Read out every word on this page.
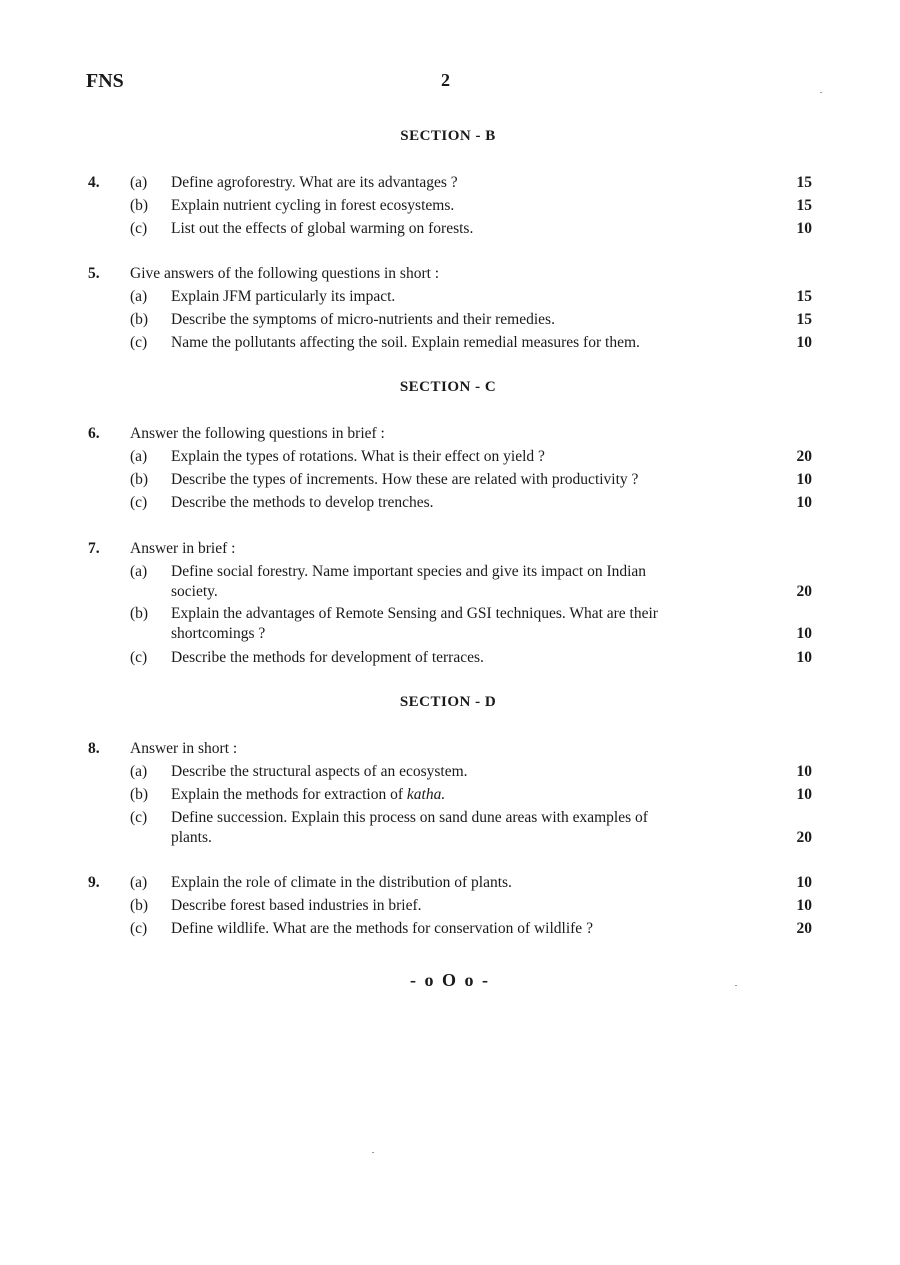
FNS	2
SECTION - B
4. (a) Define agroforestry. What are its advantages ?	15
(b) Explain nutrient cycling in forest ecosystems.	15
(c) List out the effects of global warming on forests.	10
5. Give answers of the following questions in short :
(a) Explain JFM particularly its impact.	15
(b) Describe the symptoms of micro-nutrients and their remedies.	15
(c) Name the pollutants affecting the soil. Explain remedial measures for them.	10
SECTION - C
6. Answer the following questions in brief :
(a) Explain the types of rotations. What is their effect on yield ?	20
(b) Describe the types of increments. How these are related with productivity ?	10
(c) Describe the methods to develop trenches.	10
7. Answer in brief :
(a) Define social forestry. Name important species and give its impact on Indian
society.	20
(b) Explain the advantages of Remote Sensing and GSI techniques. What are their
shortcomings ?	10
(c) Describe the methods for development of terraces.	10
SECTION - D
8. Answer in short :
(a) Describe the structural aspects of an ecosystem.	10
(b) Explain the methods for extraction of katha.	10
(c) Define succession. Explain this process on sand dune areas with examples of
plants.	20
9. (a) Explain the role of climate in the distribution of plants.	10
(b) Describe forest based industries in brief.	10
(c) Define wildlife. What are the methods for conservation of wildlife ?	20
- o O o -
